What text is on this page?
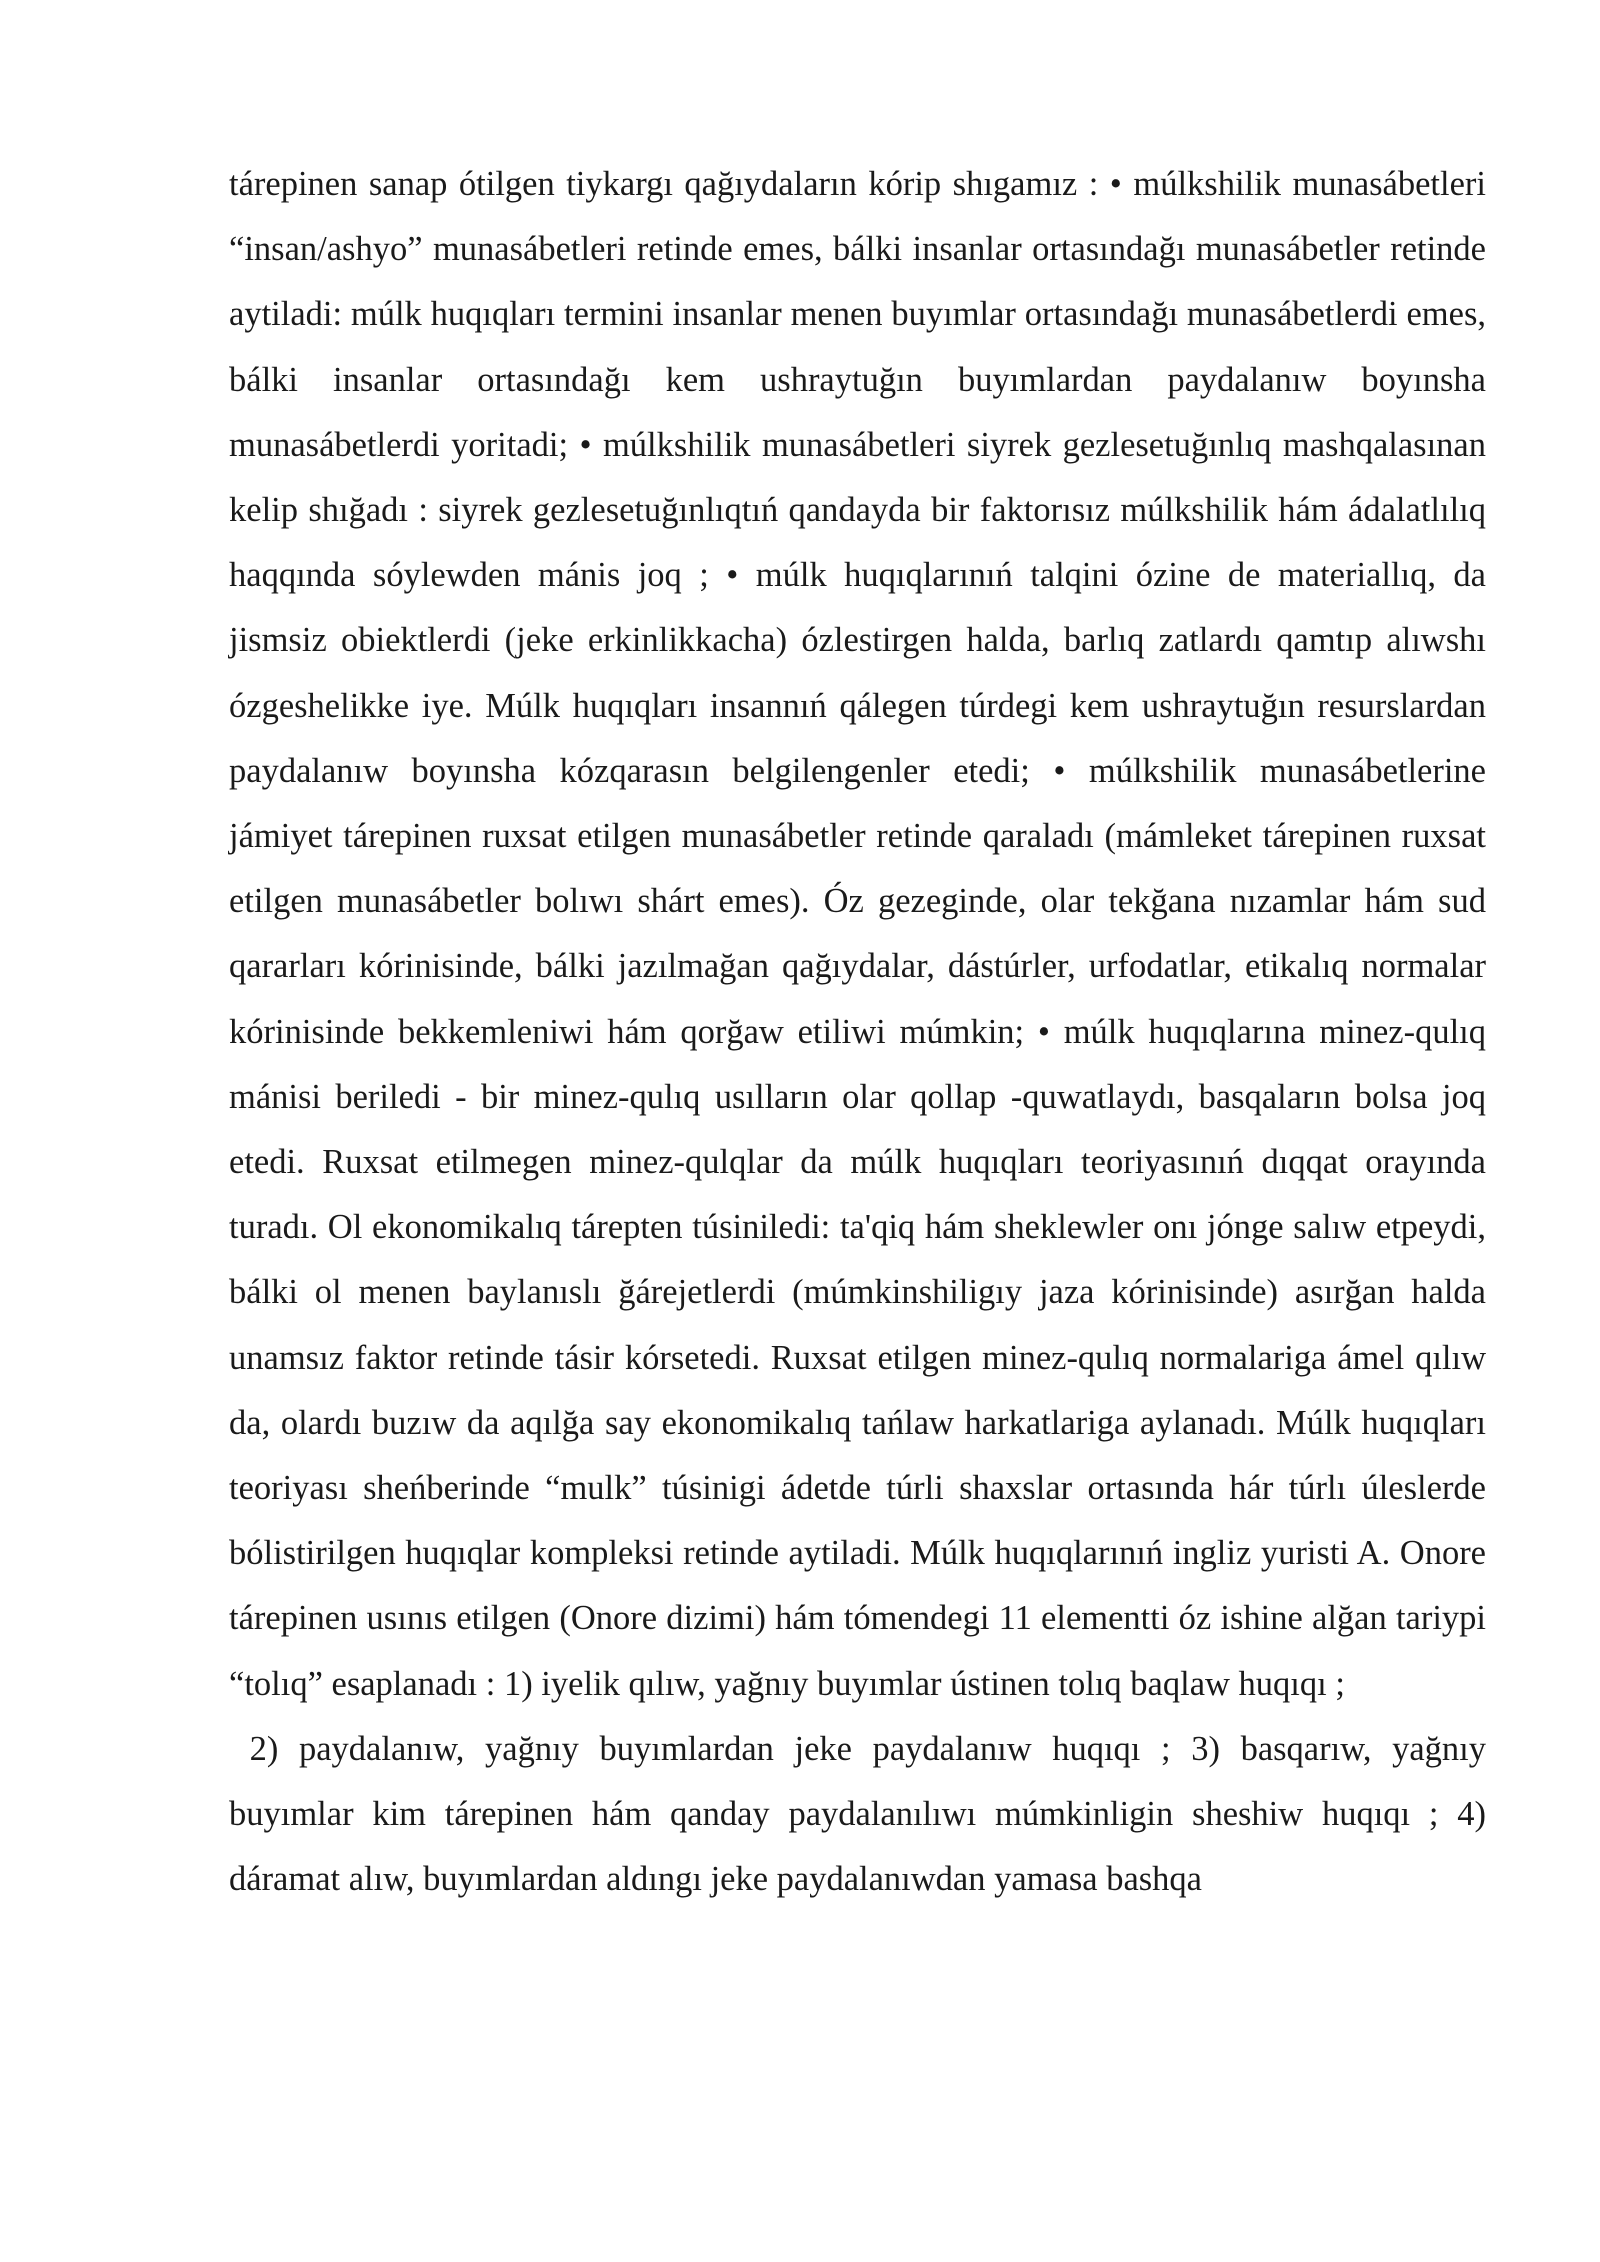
tárepinen sanap ótilgen tiykargı qağıydaların kórip shıgamız : • múlkshilik munasábetleri “insan/ashyo” munasábetleri retinde emes, bálki insanlar ortasındağı munasábetler retinde aytiladi: múlk huqıqları termini insanlar menen buyımlar ortasındağı munasábetlerdi emes, bálki insanlar ortasındağı kem ushraytuğın buyımlardan paydalanıw boyınsha munasábetlerdi yoritadi; • múlkshilik munasábetleri siyrek gezlesetuğınlıq mashqalasınan kelip shığadı : siyrek gezlesetuğınlıqtıń qandayda bir faktorısız múlkshilik hám ádalatlılıq haqqında sóylewden mánis joq ; • múlk huqıqlarınıń talqini ózine de materiallıq, da jismsiz obiektlerdi (jeke erkinlikkacha) ózlestirgen halda, barlıq zatlardı qamtıp alıwshı ózgeshelikke iye. Múlk huqıqları insannıń qálegen túrdegi kem ushraytuğın resurslardan paydalanıw boyınsha kózqarasın belgilengenler etedi; • múlkshilik munasábetlerine jámiyet tárepinen ruxsat etilgen munasábetler retinde qaraladı (mámleket tárepinen ruxsat etilgen munasábetler bolıwı shárt emes). Óz gezeginde, olar tekğana nızamlar hám sud qararları kórinisinde, bálki jazılmağan qağıydalar, dástúrler, urfodatlar, etikalıq normalar kórinisinde bekkemleniwi hám qorğaw etiliwi múmkin; • múlk huqıqlarına minez-qulıq mánisi beriledi - bir minez-qulıq usılların olar qollap -quwatlaydı, basqaların bolsa joq etedi. Ruxsat etilmegen minez-qulqlar da múlk huqıqları teoriyasınıń dıqqat orayında turadı. Ol ekonomikalıq tárepten túsiniledi: ta'qiq hám sheklewler onı jónge salıw etpeydi, bálki ol menen baylanıslı ğárejetlerdi (múmkinshiligıy jaza kórinisinde) asırğan halda unamsız faktor retinde tásir kórsetedi. Ruxsat etilgen minez-qulıq normalariga ámel qılıw da, olardı buzıw da aqılğa say ekonomikalıq tańlaw harkatlariga aylanadı. Múlk huqıqları teoriyası sheńberinde “mulk” túsinigi ádetde túrli shaxslar ortasında hár túrlı úleslerde bólistirilgen huqıqlar kompleksi retinde aytiladi. Múlk huqıqlarınıń ingliz yuristi A. Onore tárepinen usınıs etilgen (Onore dizimi) hám tómendegi 11 elementti óz ishine alğan tariypi “tolıq” esaplanadı : 1) iyelik qılıw, yağnıy buyımlar ústinen tolıq baqlaw huqıqı ;

2) paydalanıw, yağnıy buyımlardan jeke paydalanıw huqıqı ; 3) basqarıw, yağnıy buyımlar kim tárepinen hám qanday paydalanılıwı múmkinligin sheshiw huqıqı ; 4) dáramat alıw, buyımlardan aldıngı jeke paydalanıwdan yamasa bashqa
